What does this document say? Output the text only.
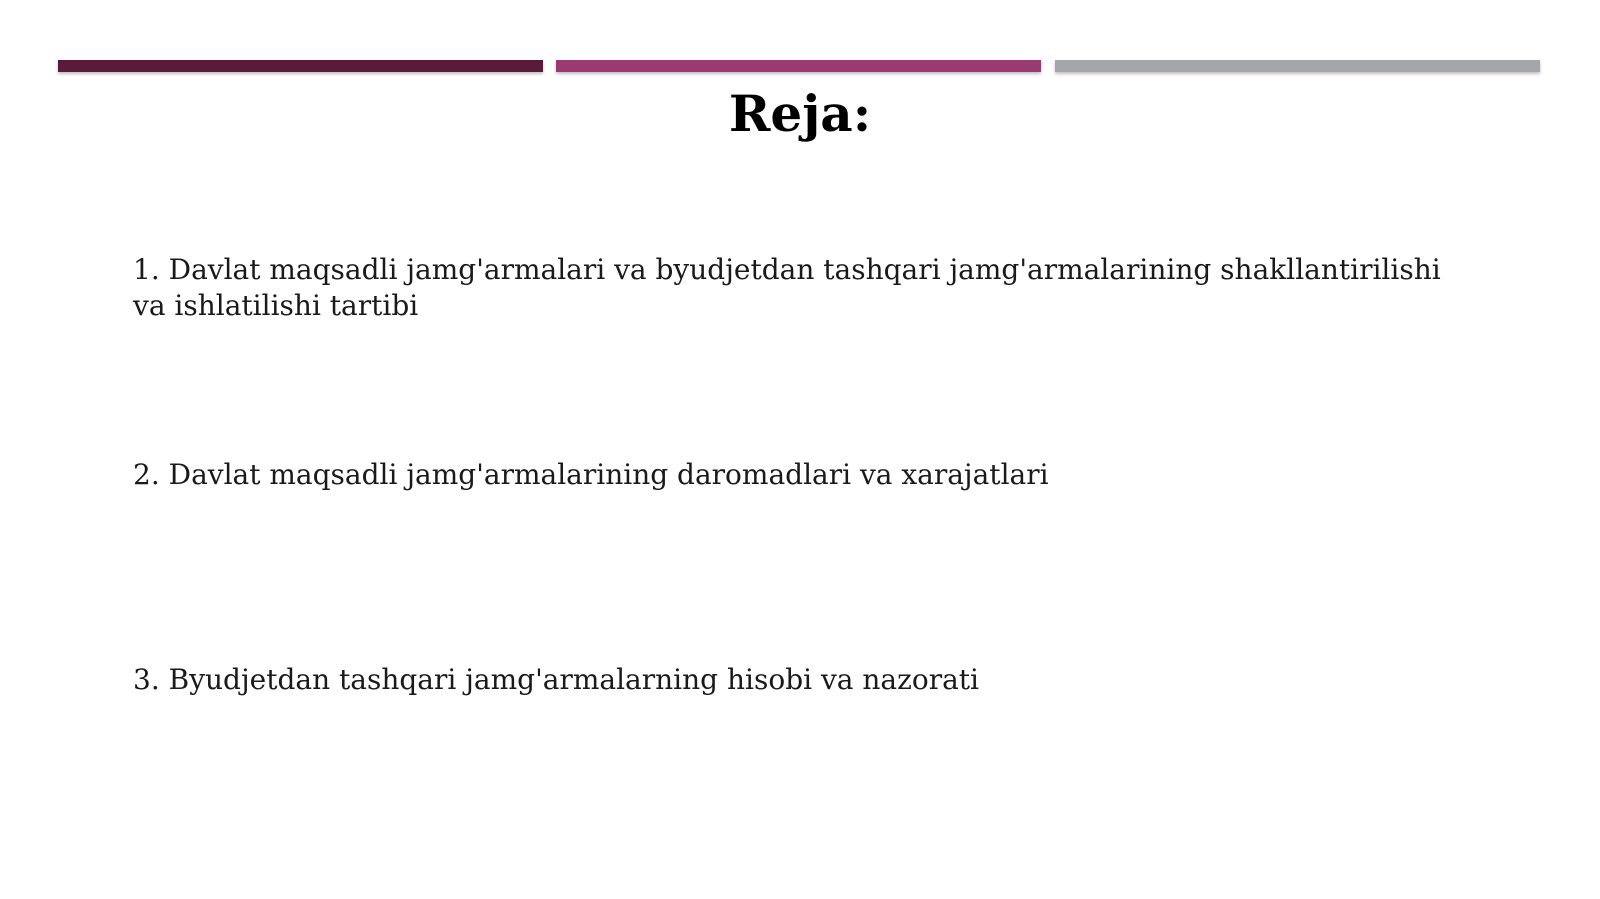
Reja:

1. Davlat maqsadli jamg'armalari va byudjetdan tashqari jamg'armalarining shakllantirilishi va ishlatilishi tartibi

2. Davlat maqsadli jamg'armalarining daromadlari va xarajatlari

3. Byudjetdan tashqari jamg'armalarning hisobi va nazorati
